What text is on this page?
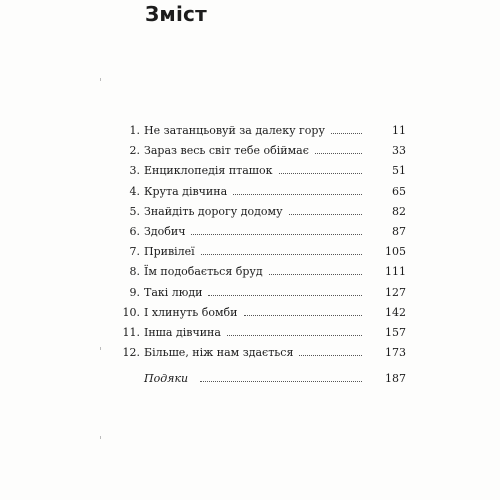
Зміст
1. Не затанцьовуй за далеку гору	11
2. Зараз весь світ тебе обіймає	33
3. Енциклопедія пташок	51
4. Крута дівчина	65
5. Знайдіть дорогу додому	82
6. Здобич	87
7. Привілеї	105
8. Їм подобається бруд	111
9. Такі люди	127
10. І хлинуть бомби	142
11. Інша дівчина	157
12. Більше, ніж нам здається	173
Подяки	187
